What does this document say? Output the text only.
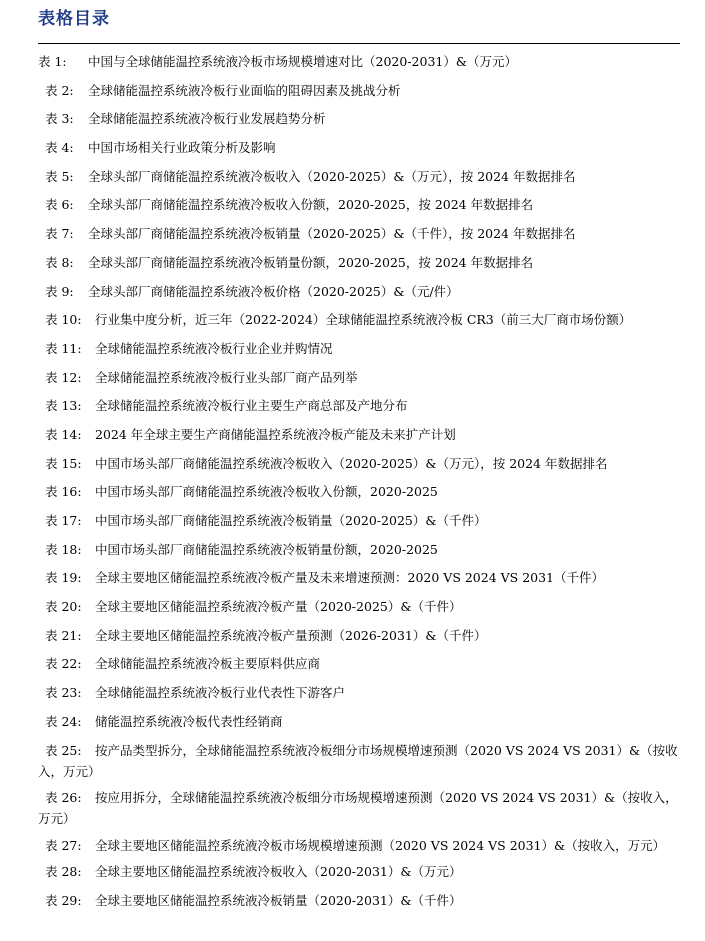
表格目录
表 1: 中国与全球储能温控系统液冷板市场规模增速对比（2020-2031）&（万元）
表 2: 全球储能温控系统液冷板行业面临的阻碍因素及挑战分析
表 3: 全球储能温控系统液冷板行业发展趋势分析
表 4: 中国市场相关行业政策分析及影响
表 5: 全球头部厂商储能温控系统液冷板收入（2020-2025）&（万元），按 2024 年数据排名
表 6: 全球头部厂商储能温控系统液冷板收入份额，2020-2025，按 2024 年数据排名
表 7: 全球头部厂商储能温控系统液冷板销量（2020-2025）&（千件），按 2024 年数据排名
表 8: 全球头部厂商储能温控系统液冷板销量份额，2020-2025，按 2024 年数据排名
表 9: 全球头部厂商储能温控系统液冷板价格（2020-2025）&（元/件）
表 10: 行业集中度分析，近三年（2022-2024）全球储能温控系统液冷板 CR3（前三大厂商市场份额）
表 11: 全球储能温控系统液冷板行业企业并购情况
表 12: 全球储能温控系统液冷板行业头部厂商产品列举
表 13: 全球储能温控系统液冷板行业主要生产商总部及产地分布
表 14: 2024 年全球主要生产商储能温控系统液冷板产能及未来扩产计划
表 15: 中国市场头部厂商储能温控系统液冷板收入（2020-2025）&（万元），按 2024 年数据排名
表 16: 中国市场头部厂商储能温控系统液冷板收入份额，2020-2025
表 17: 中国市场头部厂商储能温控系统液冷板销量（2020-2025）&（千件）
表 18: 中国市场头部厂商储能温控系统液冷板销量份额，2020-2025
表 19: 全球主要地区储能温控系统液冷板产量及未来增速预测：2020 VS 2024 VS 2031（千件）
表 20: 全球主要地区储能温控系统液冷板产量（2020-2025）&（千件）
表 21: 全球主要地区储能温控系统液冷板产量预测（2026-2031）&（千件）
表 22: 全球储能温控系统液冷板主要原料供应商
表 23: 全球储能温控系统液冷板行业代表性下游客户
表 24: 储能温控系统液冷板代表性经销商
表 25: 按产品类型拆分，全球储能温控系统液冷板细分市场规模增速预测（2020 VS 2024 VS 2031）&（按收入，万元）
表 26: 按应用拆分，全球储能温控系统液冷板细分市场规模增速预测（2020 VS 2024 VS 2031）&（按收入，万元）
表 27: 全球主要地区储能温控系统液冷板市场规模增速预测（2020 VS 2024 VS 2031）&（按收入，万元）
表 28: 全球主要地区储能温控系统液冷板收入（2020-2031）&（万元）
表 29: 全球主要地区储能温控系统液冷板销量（2020-2031）&（千件）
